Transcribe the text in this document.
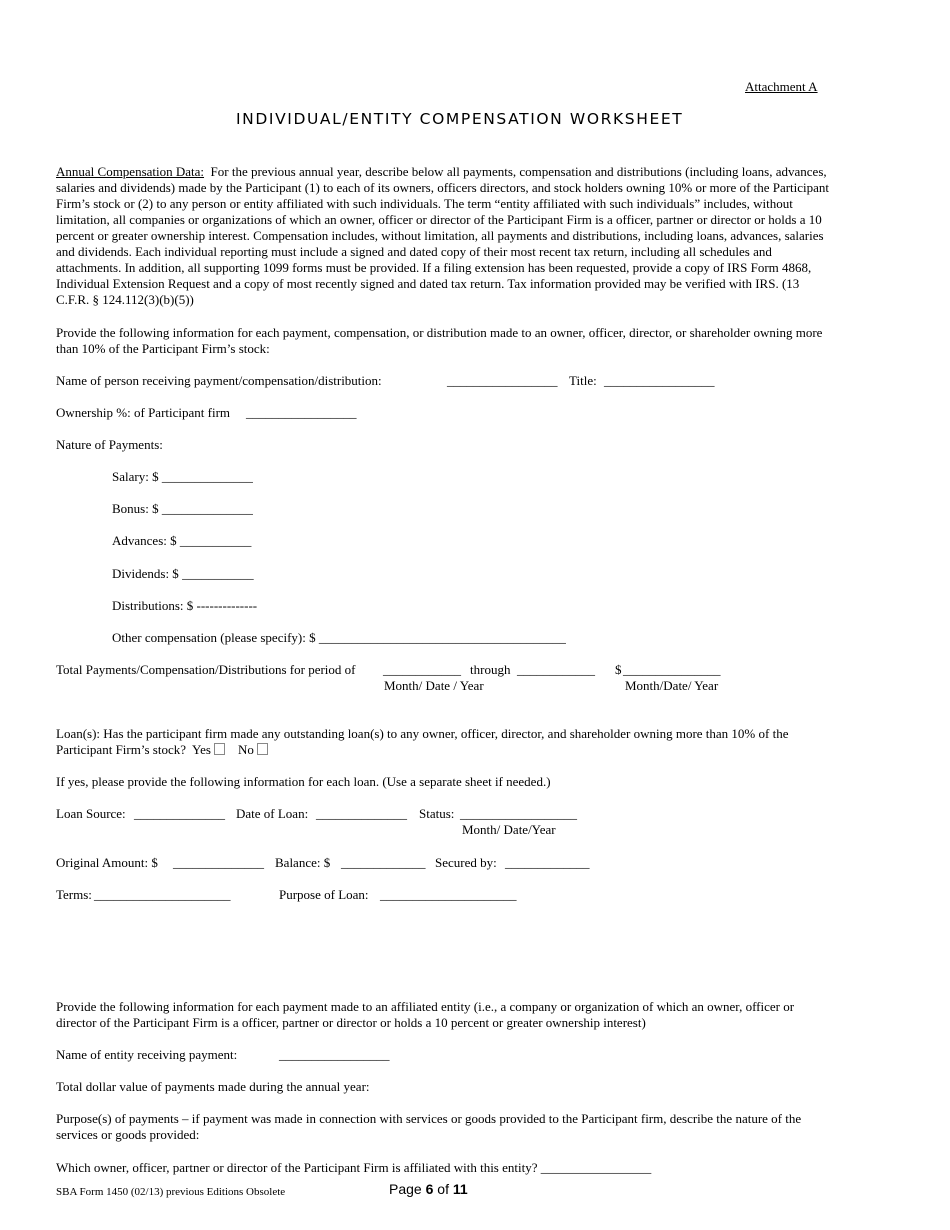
Attachment A
INDIVIDUAL/ENTITY COMPENSATION WORKSHEET
Annual Compensation Data: For the previous annual year, describe below all payments, compensation and distributions (including loans, advances,
salaries and dividends) made by the Participant (1) to each of its owners, officers directors, and stock holders owning 10% or more of the Participant
Firm’s stock or (2) to any person or entity affiliated with such individuals. The term “entity affiliated with such individuals” includes, without
limitation, all companies or organizations of which an owner, officer or director of the Participant Firm is a officer, partner or director or holds a 10
percent or greater ownership interest. Compensation includes, without limitation, all payments and distributions, including loans, advances, salaries
and dividends. Each individual reporting must include a signed and dated copy of their most recent tax return, including all schedules and
attachments. In addition, all supporting 1099 forms must be provided. If a filing extension has been requested, provide a copy of IRS Form 4868,
Individual Extension Request and a copy of most recently signed and dated tax return. Tax information provided may be verified with IRS. (13
C.F.R. § 124.112(3)(b)(5))
Provide the following information for each payment, compensation, or distribution made to an owner, officer, director, or shareholder owning more
than 10% of the Participant Firm’s stock:
Name of person receiving payment/compensation/distribution:	_________________ Title: _________________
Ownership %: of Participant firm _________________
Nature of Payments:
Salary: $ ______________
Bonus: $ ______________
Advances: $ ___________
Dividends: $ ___________
Distributions: $ --------------
Other compensation (please specify): $ ______________________________________
Total Payments/Compensation/Distributions for period of ____________ through ____________ $ _______________
Month/ Date / Year	Month/Date/ Year
Loan(s): Has the participant firm made any outstanding loan(s) to any owner, officer, director, and shareholder owning more than 10% of the
Participant Firm’s stock? Yes No
If yes, please provide the following information for each loan. (Use a separate sheet if needed.)
Loan Source: ______________ Date of Loan: ______________ Status: __________________
Month/ Date/Year
Original Amount: $ ______________ Balance: $ _____________ Secured by: _____________
Terms: _____________________	Purpose of Loan: _____________________
Provide the following information for each payment made to an affiliated entity (i.e., a company or organization of which an owner, officer or
director of the Participant Firm is a officer, partner or director or holds a 10 percent or greater ownership interest)
Name of entity receiving payment:	_________________
Total dollar value of payments made during the annual year:
Purpose(s) of payments – if payment was made in connection with services or goods provided to the Participant firm, describe the nature of the
services or goods provided:
Which owner, officer, partner or director of the Participant Firm is affiliated with this entity? _________________
SBA Form 1450 (02/13) previous Editions Obsolete	Page 6 of 11
